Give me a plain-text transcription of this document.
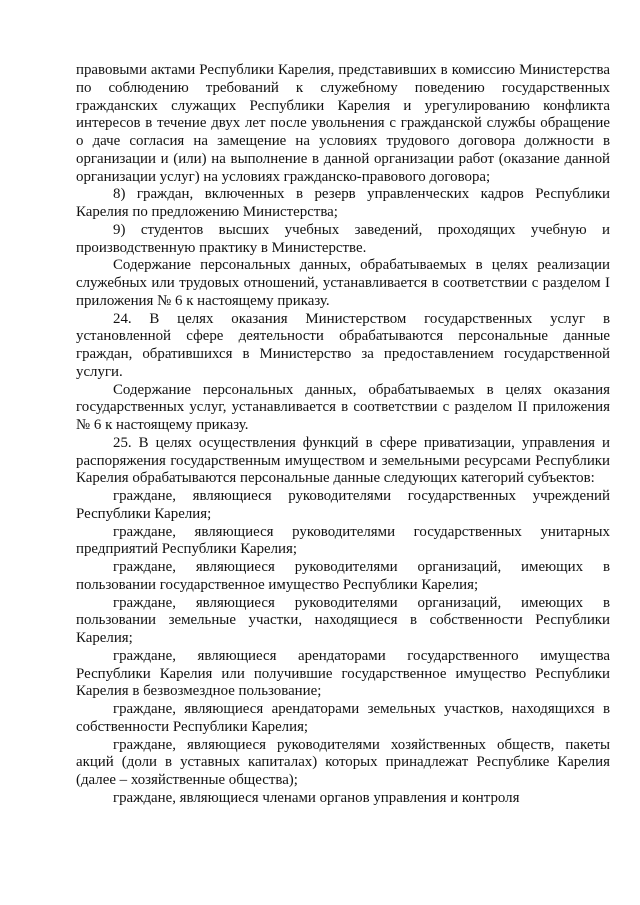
правовыми актами Республики Карелия, представивших в комиссию Министерства по соблюдению требований к служебному поведению государственных гражданских служащих Республики Карелия и урегулированию конфликта интересов в течение двух лет после увольнения с гражданской службы обращение о даче согласия на замещение на условиях трудового договора должности в организации и (или) на выполнение в данной организации работ (оказание данной организации услуг) на условиях гражданско-правового договора;

8) граждан, включенных в резерв управленческих кадров Республики Карелия по предложению Министерства;

9) студентов высших учебных заведений, проходящих учебную и производственную практику в Министерстве.

Содержание персональных данных, обрабатываемых в целях реализации служебных или трудовых отношений, устанавливается в соответствии с разделом I приложения № 6 к настоящему приказу.

24. В целях оказания Министерством государственных услуг в установленной сфере деятельности обрабатываются персональные данные граждан, обратившихся в Министерство за предоставлением государственной услуги.

Содержание персональных данных, обрабатываемых в целях оказания государственных услуг, устанавливается в соответствии с разделом II приложения № 6 к настоящему приказу.

25. В целях осуществления функций в сфере приватизации, управления и распоряжения государственным имуществом и земельными ресурсами Республики Карелия обрабатываются персональные данные следующих категорий субъектов:

граждане, являющиеся руководителями государственных учреждений Республики Карелия;

граждане, являющиеся руководителями государственных унитарных предприятий Республики Карелия;

граждане, являющиеся руководителями организаций, имеющих в пользовании государственное имущество Республики Карелия;

граждане, являющиеся руководителями организаций, имеющих в пользовании земельные участки, находящиеся в собственности Республики Карелия;

граждане, являющиеся арендаторами государственного имущества Республики Карелия или получившие государственное имущество Республики Карелия в безвозмездное пользование;

граждане, являющиеся арендаторами земельных участков, находящихся в собственности Республики Карелия;

граждане, являющиеся руководителями хозяйственных обществ, пакеты акций (доли в уставных капиталах) которых принадлежат Республике Карелия (далее – хозяйственные общества);

граждане, являющиеся членами органов управления и контроля
